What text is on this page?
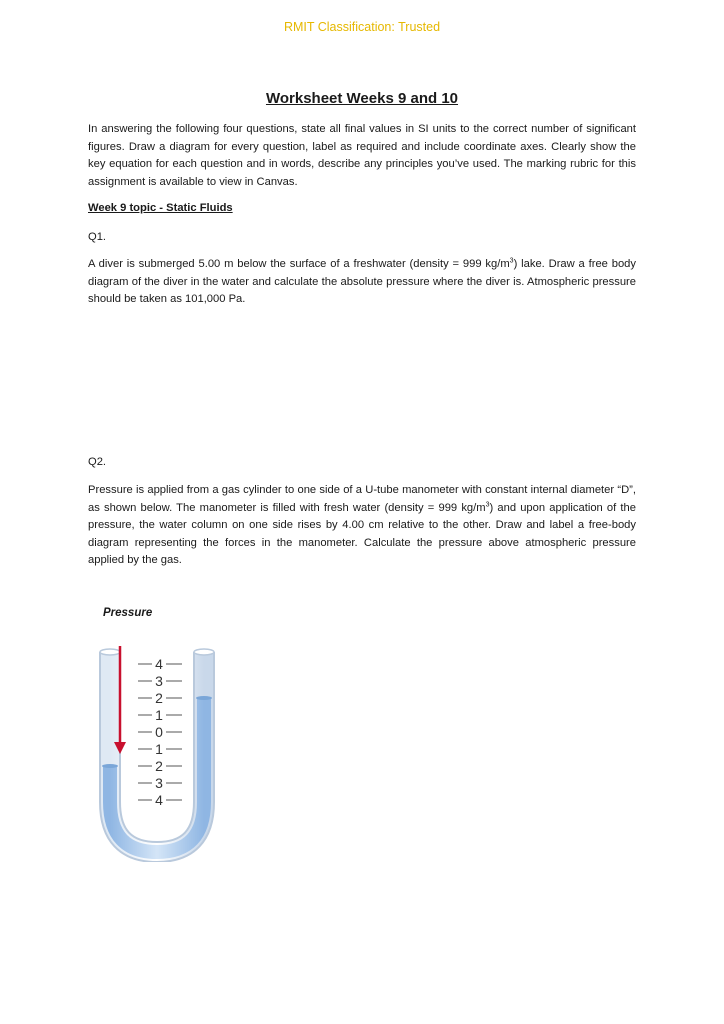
RMIT Classification: Trusted
Worksheet Weeks 9 and 10
In answering the following four questions, state all final values in SI units to the correct number of significant figures. Draw a diagram for every question, label as required and include coordinate axes. Clearly show the key equation for each question and in words, describe any principles you’ve used. The marking rubric for this assignment is available to view in Canvas.
Week 9 topic - Static Fluids
Q1.
A diver is submerged 5.00 m below the surface of a freshwater (density = 999 $kg/m^3$) lake. Draw a free body diagram of the diver in the water and calculate the absolute pressure where the diver is. Atmospheric pressure should be taken as 101,000 Pa.
Q2.
Pressure is applied from a gas cylinder to one side of a U-tube manometer with constant internal diameter “D”, as shown below. The manometer is filled with fresh water (density = 999 $kg/m^3$) and upon application of the pressure, the water column on one side rises by 4.00 cm relative to the other. Draw and label a free-body diagram representing the forces in the manometer. Calculate the pressure above atmospheric pressure applied by the gas.
Pressure
4
3
2
1
0
1
2
3
4
